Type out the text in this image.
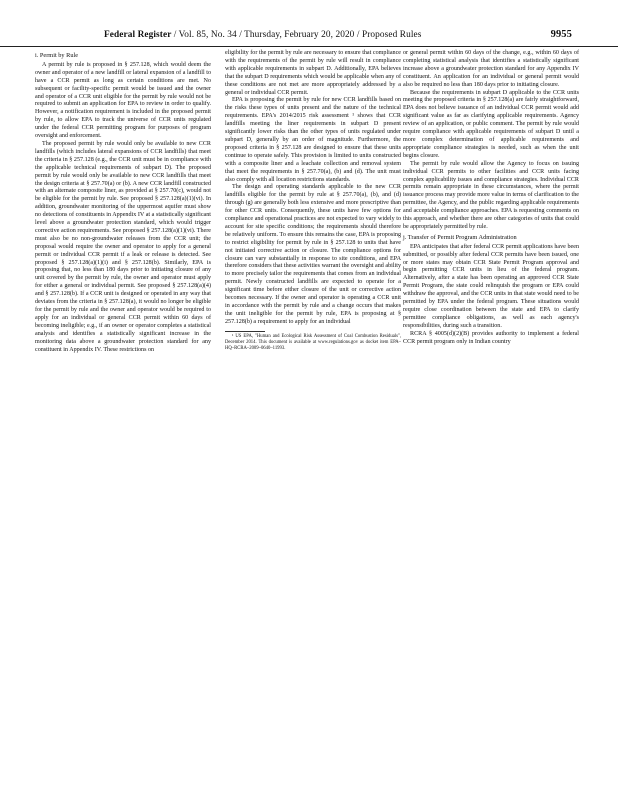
Federal Register / Vol. 85, No. 34 / Thursday, February 20, 2020 / Proposed Rules	9955
i. Permit by Rule

A permit by rule is proposed in § 257.128, which would deem the owner and operator of a new landfill or lateral expansion of a landfill to have a CCR permit as long as certain conditions are met. No subsequent or facility-specific permit would be issued and the owner and operator of a CCR unit eligible for the permit by rule would not be required to submit an application for EPA to review in order to qualify. However, a notification requirement is included in the proposed permit by rule, to allow EPA to track the universe of CCR units regulated under the federal CCR permitting program for purposes of program oversight and enforcement.

The proposed permit by rule would only be available to new CCR landfills (which includes lateral expansions of CCR landfills) that meet the criteria in § 257.128 (e.g., the CCR unit must be in compliance with the applicable technical requirements of subpart D). The proposed permit by rule would only be available to new CCR landfills that meet the design criteria at § 257.70(a) or (b). A new CCR landfill constructed with an alternate composite liner, as provided at § 257.70(c), would not be eligible for the permit by rule. See proposed § 257.128(a)(1)(vi). In addition, groundwater monitoring of the uppermost aquifer must show no detections of constituents in Appendix IV at a statistically significant level above a groundwater protection standard, which would trigger corrective action requirements. See proposed § 257.128(a)(1)(vi). There must also be no non-groundwater releases from the CCR unit; the proposal would require the owner and operator to apply for a general permit or individual CCR permit if a leak or release is detected. See proposed § 257.128(a)(1)(i) and § 257.128(b). Similarly, EPA is proposing that, no less than 180 days prior to initiating closure of any unit covered by the permit by rule, the owner and operator must apply for either a general or individual permit. See proposed § 257.128(a)(4) and § 257.128(b). If a CCR unit is designed or operated in any way that deviates from the criteria in § 257.128(a), it would no longer be eligible for the permit by rule and the owner and operator would be required to apply for an individual or general CCR permit within 60 days of becoming ineligible; e.g., if an owner or operator completes a statistical analysis and identifies a statistically significant increase in the monitoring data above a groundwater protection standard for any constituent in Appendix IV. These restrictions on

eligibility for the permit by rule are necessary to ensure that compliance with the requirements of the permit by rule will result in compliance with applicable requirements in subpart D. Additionally, EPA believes that the subpart D requirements which would be applicable when any of these conditions are not met are more appropriately addressed by a general or individual CCR permit.

EPA is proposing the permit by rule for new CCR landfills based on the risks these types of units present and the nature of the technical requirements. EPA's 2014/2015 risk assessment ¹ shows that CCR landfills meeting the liner requirements in subpart D present significantly lower risks than the other types of units regulated under subpart D, generally by an order of magnitude. Furthermore, the proposed criteria in § 257.128 are designed to ensure that these units continue to operate safely. This provision is limited to units constructed with a composite liner and a leachate collection and removal system that meet the requirements in § 257.70(a), (b) and (d). The unit must also comply with all location restrictions standards.

The design and operating standards applicable to the new CCR landfills eligible for the permit by rule at § 257.70(a), (b), and (d) through (g) are generally both less extensive and more prescriptive than for other CCR units. Consequently, these units have few options for compliance and operational practices are not expected to vary widely to account for site specific conditions; the requirements should therefore be relatively uniform. To ensure this remains the case, EPA is proposing to restrict eligibility for permit by rule in § 257.128 to units that have not initiated corrective action or closure. The compliance options for closure can vary substantially in response to site conditions, and EPA therefore considers that these activities warrant the oversight and ability to more precisely tailor the requirements that comes from an individual permit. Newly constructed landfills are expected to operate for a significant time before either closure of the unit or corrective action becomes necessary. If the owner and operator is operating a CCR unit in accordance with the permit by rule and a change occurs that makes the unit ineligible for the permit by rule, EPA is proposing at § 257.128(b) a requirement to apply for an individual

¹ US EPA, "Human and Ecological Risk Assessment of Coal Combustion Residuals", December 2014. This document is available at www.regulations.gov as docket item EPA–HQ–RCRA–2009–0640–11993.

or general permit within 60 days of the change, e.g., within 60 days of completing statistical analysis that identifies a statistically significant increase above a groundwater protection standard for any Appendix IV constituent. An application for an individual or general permit would also be required no less than 180 days prior to initiating closure.

Because the requirements in subpart D applicable to the CCR units meeting the proposed criteria in § 257.128(a) are fairly straightforward, EPA does not believe issuance of an individual CCR permit would add significant value as far as clarifying applicable requirements. Agency review of an application, or public comment. The permit by rule would require compliance with applicable requirements of subpart D until a more complex determination of applicable requirements and appropriate compliance strategies is needed, such as when the unit begins closure.

The permit by rule would allow the Agency to focus on issuing individual CCR permits to other facilities and CCR units facing complex applicability issues and compliance strategies. Individual CCR permits remain appropriate in these circumstances, where the permit issuance process may provide more value in terms of clarification to the permittee, the Agency, and the public regarding applicable requirements and acceptable compliance approaches. EPA is requesting comments on this approach, and whether there are other categories of units that could be appropriately permitted by rule.

j. Transfer of Permit Program Administration

EPA anticipates that after federal CCR permit applications have been submitted, or possibly after federal CCR permits have been issued, one or more states may obtain CCR State Permit Program approval and begin permitting CCR units in lieu of the federal program. Alternatively, after a state has been operating an approved CCR State Permit Program, the state could relinquish the program or EPA could withdraw the approval, and the CCR units in that state would need to be permitted by EPA under the federal program. These situations would require close coordination between the state and EPA to clarify permittee compliance obligations, as well as each agency's responsibilities, during such a transition.

RCRA § 4005(d)(2)(B) provides authority to implement a federal CCR permit program only in Indian country
